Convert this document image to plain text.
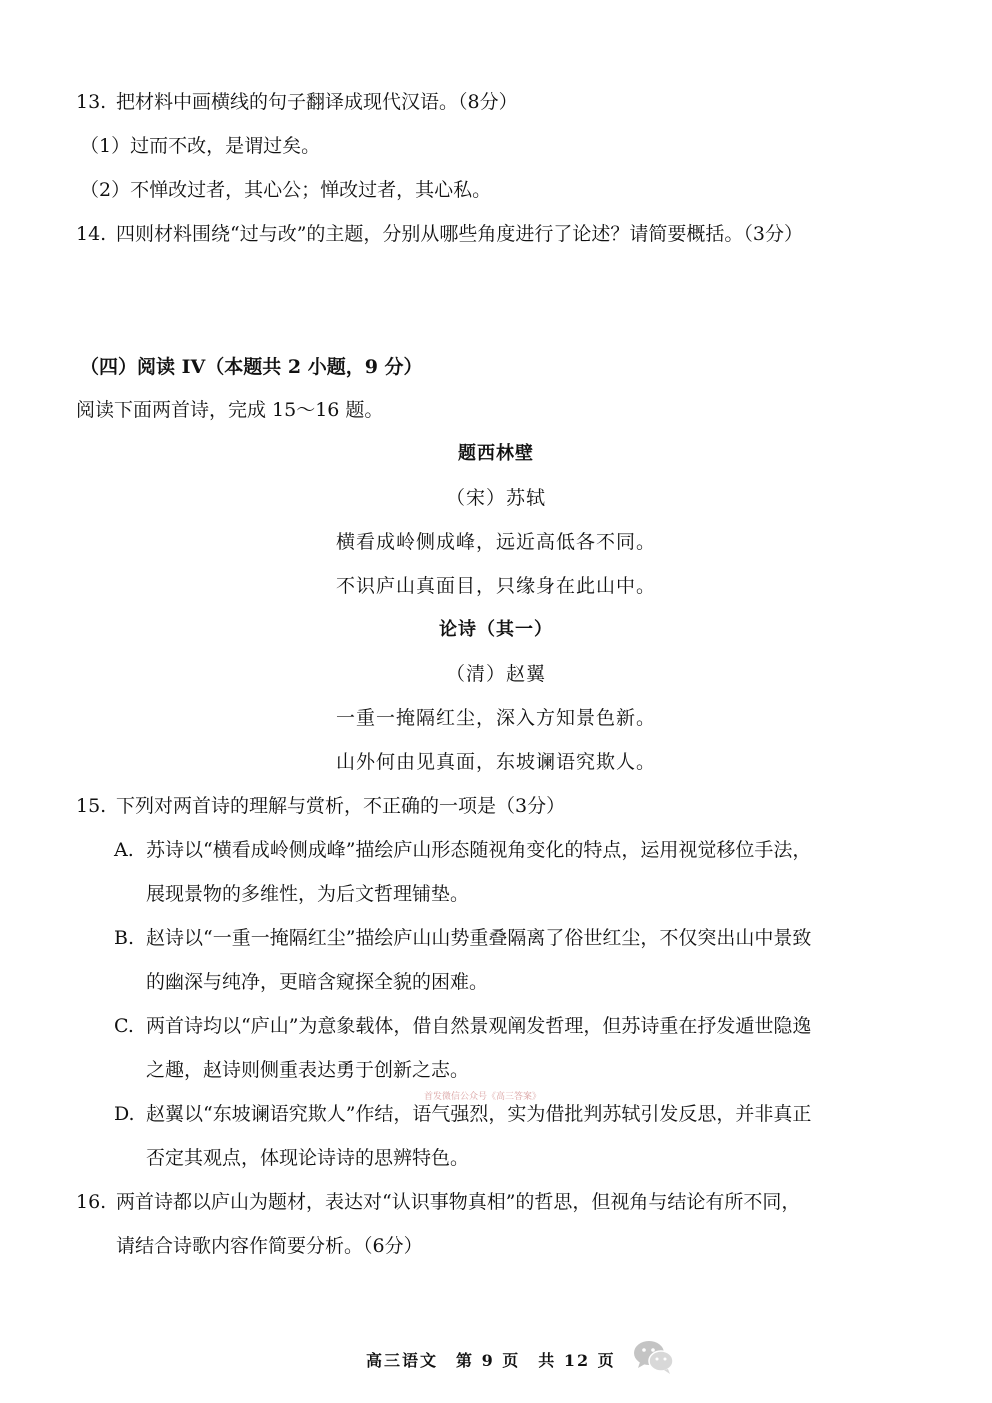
13. 把材料中画横线的句子翻译成现代汉语。（8分）
（1）过而不改，是谓过矣。
（2）不惮改过者，其心公；惮改过者，其心私。
14. 四则材料围绕“过与改”的主题，分别从哪些角度进行了论述？请简要概括。（3分）
（四）阅读 IV（本题共 2 小题，9 分）
阅读下面两首诗，完成 15～16 题。
题西林壁
（宋）苏轼
横看成岭侧成峰，远近高低各不同。
不识庐山真面目，只缘身在此山中。
论诗（其一）
（清）赵翼
一重一掩隔红尘，深入方知景色新。
山外何由见真面，东坡谰语究欺人。
15. 下列对两首诗的理解与赏析，不正确的一项是（3分）
A. 苏诗以“横看成岭侧成峰”描绘庐山形态随视角变化的特点，运用视觉移位手法，
展现景物的多维性，为后文哲理铺垫。
B. 赵诗以“一重一掩隔红尘”描绘庐山山势重叠隔离了俗世红尘，不仅突出山中景致
的幽深与纯净，更暗含窥探全貌的困难。
C. 两首诗均以“庐山”为意象载体，借自然景观阐发哲理，但苏诗重在抒发遁世隐逸
之趣，赵诗则侧重表达勇于创新之志。
首发微信公众号《高三答案》
D. 赵翼以“东坡谰语究欺人”作结，语气强烈，实为借批判苏轼引发反思，并非真正
否定其观点，体现论诗诗的思辨特色。
16. 两首诗都以庐山为题材，表达对“认识事物真相”的哲思，但视角与结论有所不同，
请结合诗歌内容作简要分析。（6分）
高三语文　第 9 页　共 12 页
